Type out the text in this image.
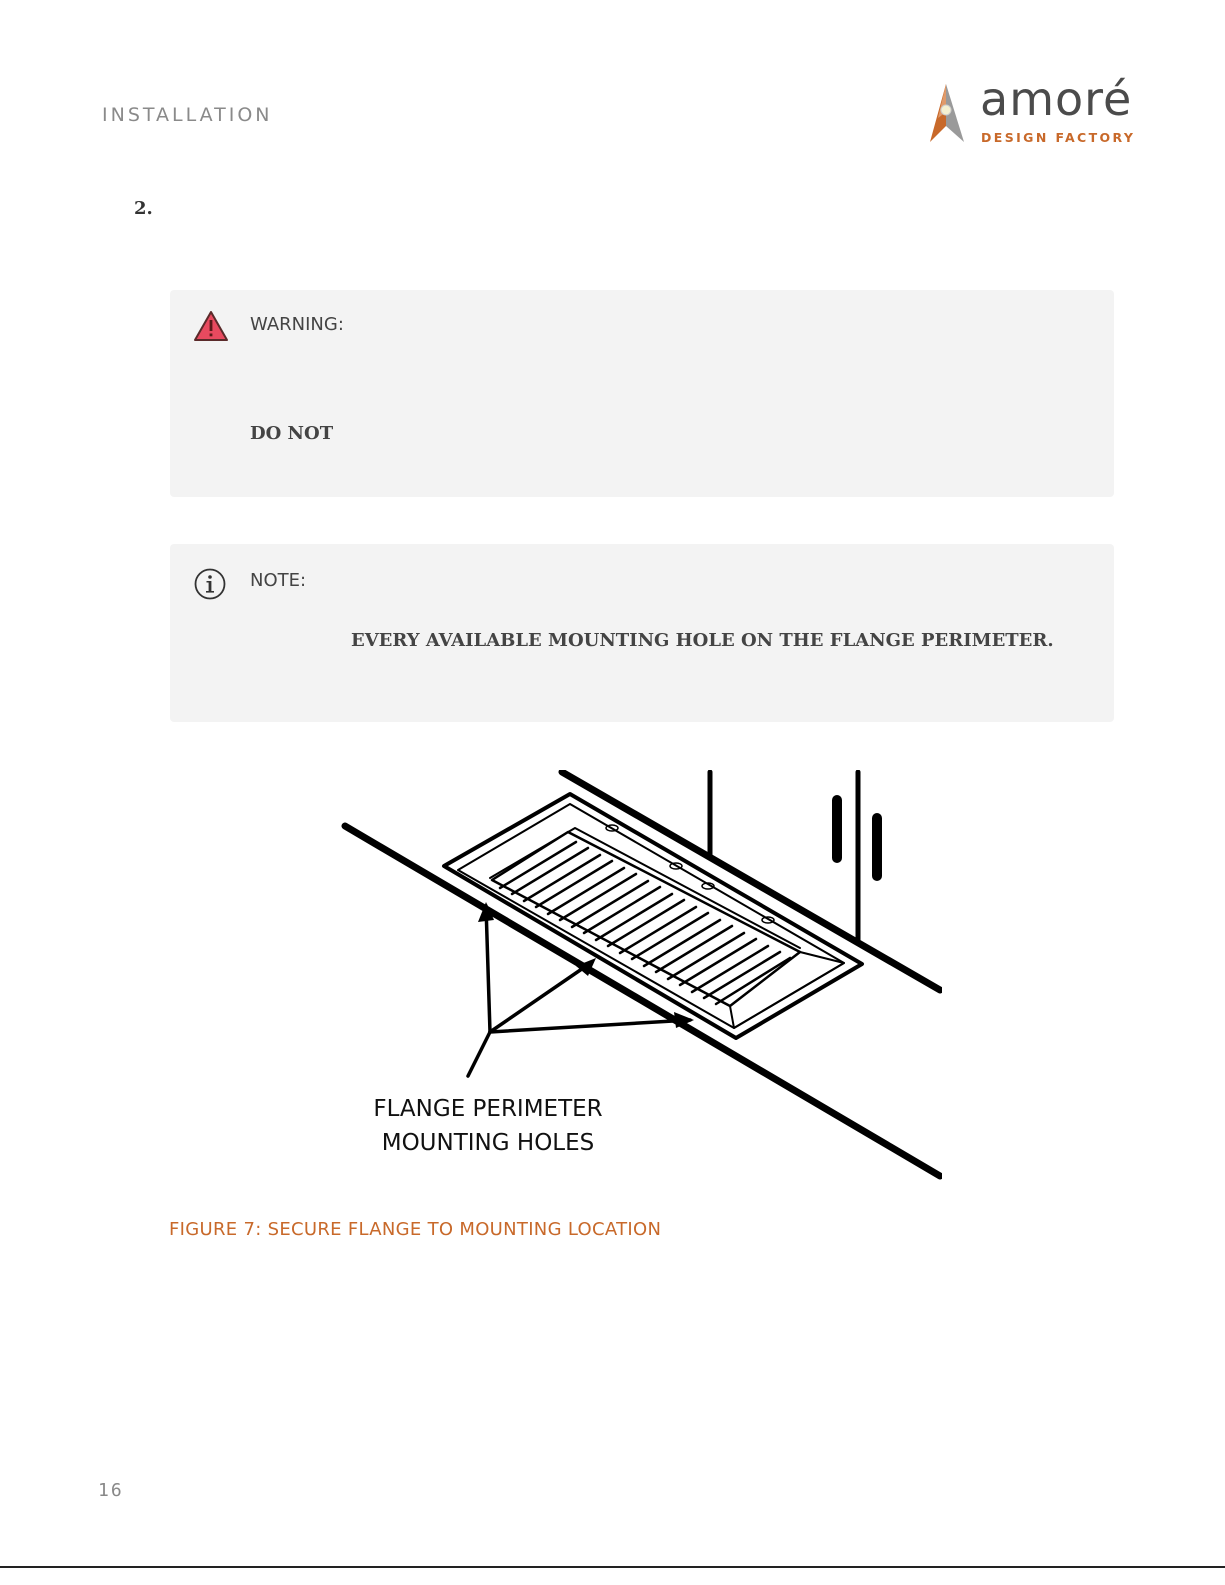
INSTALLATION	amoré
DESIGN FACTORY
2.
WARNING:
DO NOT
NOTE:
EVERY AVAILABLE MOUNTING HOLE ON THE FLANGE PERIMETER.
FLANGE PERIMETER
MOUNTING HOLES
FIGURE 7: SECURE FLANGE TO MOUNTING LOCATION
16
